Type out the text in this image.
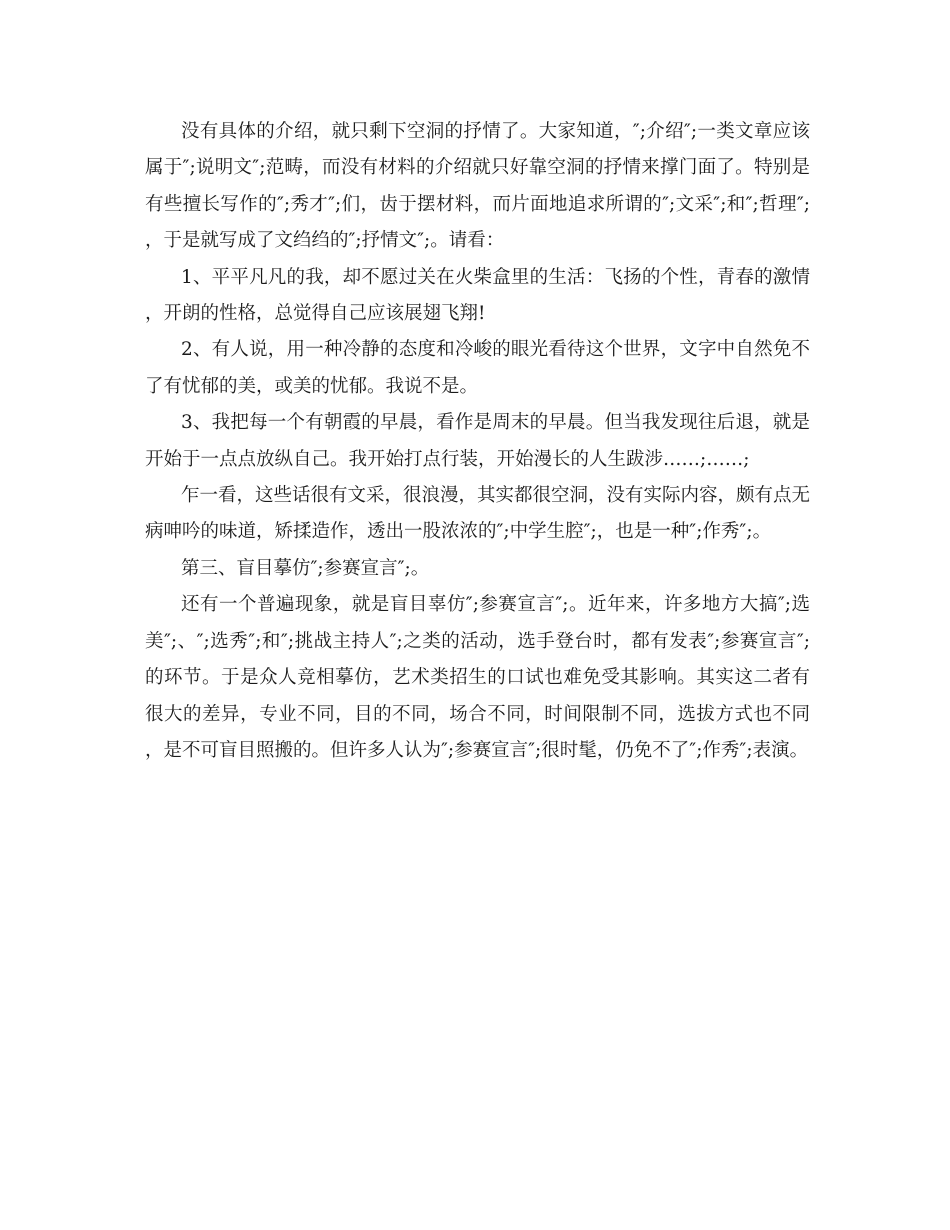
没有具体的介绍，就只剩下空洞的抒情了。大家知道，″;介绍″;一类文章应该属于″;说明文″;范畴，而没有材料的介绍就只好靠空洞的抒情来撑门面了。特别是有些擅长写作的″;秀才″;们，齿于摆材料，而片面地追求所谓的″;文采″;和″;哲理″;，于是就写成了文绉绉的″;抒情文″;。请看：

1、平平凡凡的我，却不愿过关在火柴盒里的生活：飞扬的个性，青春的激情，开朗的性格，总觉得自己应该展翅飞翔!

2、有人说，用一种冷静的态度和冷峻的眼光看待这个世界，文字中自然免不了有忧郁的美，或美的忧郁。我说不是。

3、我把每一个有朝霞的早晨，看作是周末的早晨。但当我发现往后退，就是开始于一点点放纵自己。我开始打点行装，开始漫长的人生跋涉……;……;

乍一看，这些话很有文采，很浪漫，其实都很空洞，没有实际内容，颇有点无病呻吟的味道，矫揉造作，透出一股浓浓的″;中学生腔″;，也是一种″;作秀″;。

第三、盲目摹仿″;参赛宣言″;。

还有一个普遍现象，就是盲目辜仿″;参赛宣言″;。近年来，许多地方大搞″;选美″;、″;选秀″;和″;挑战主持人″;之类的活动，选手登台时，都有发表″;参赛宣言″;的环节。于是众人竞相摹仿，艺术类招生的口试也难免受其影响。其实这二者有很大的差异，专业不同，目的不同，场合不同，时间限制不同，选拔方式也不同，是不可盲目照搬的。但许多人认为″;参赛宣言″;很时髦，仍免不了″;作秀″;表演。
